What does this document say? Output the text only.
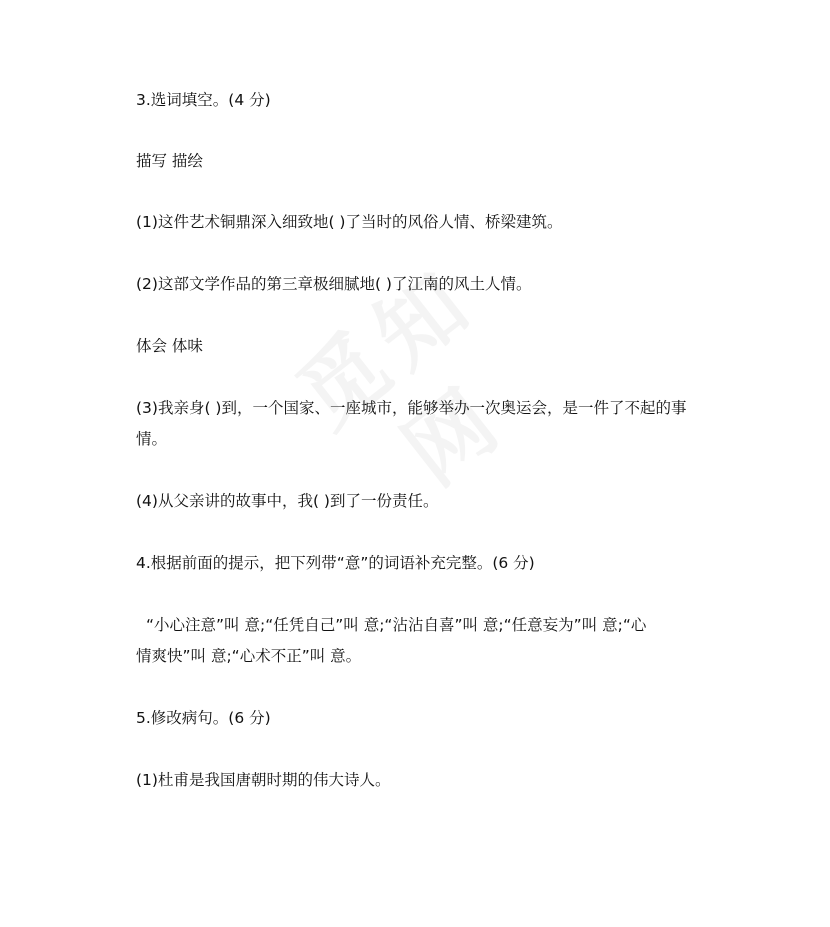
3.选词填空。(4 分)
描写 描绘
(1)这件艺术铜鼎深入细致地( )了当时的风俗人情、桥梁建筑。
(2)这部文学作品的第三章极细腻地( )了江南的风土人情。
体会 体味
(3)我亲身( )到，一个国家、一座城市，能够举办一次奥运会，是一件了不起的事
情。
(4)从父亲讲的故事中，我( )到了一份责任。
4.根据前面的提示，把下列带“意”的词语补充完整。(6 分)
“小心注意”叫 意;“任凭自己”叫 意;“沾沾自喜”叫 意;“任意妄为”叫 意;“心
情爽快”叫 意;“心术不正”叫 意。
5.修改病句。(6 分)
(1)杜甫是我国唐朝时期的伟大诗人。
